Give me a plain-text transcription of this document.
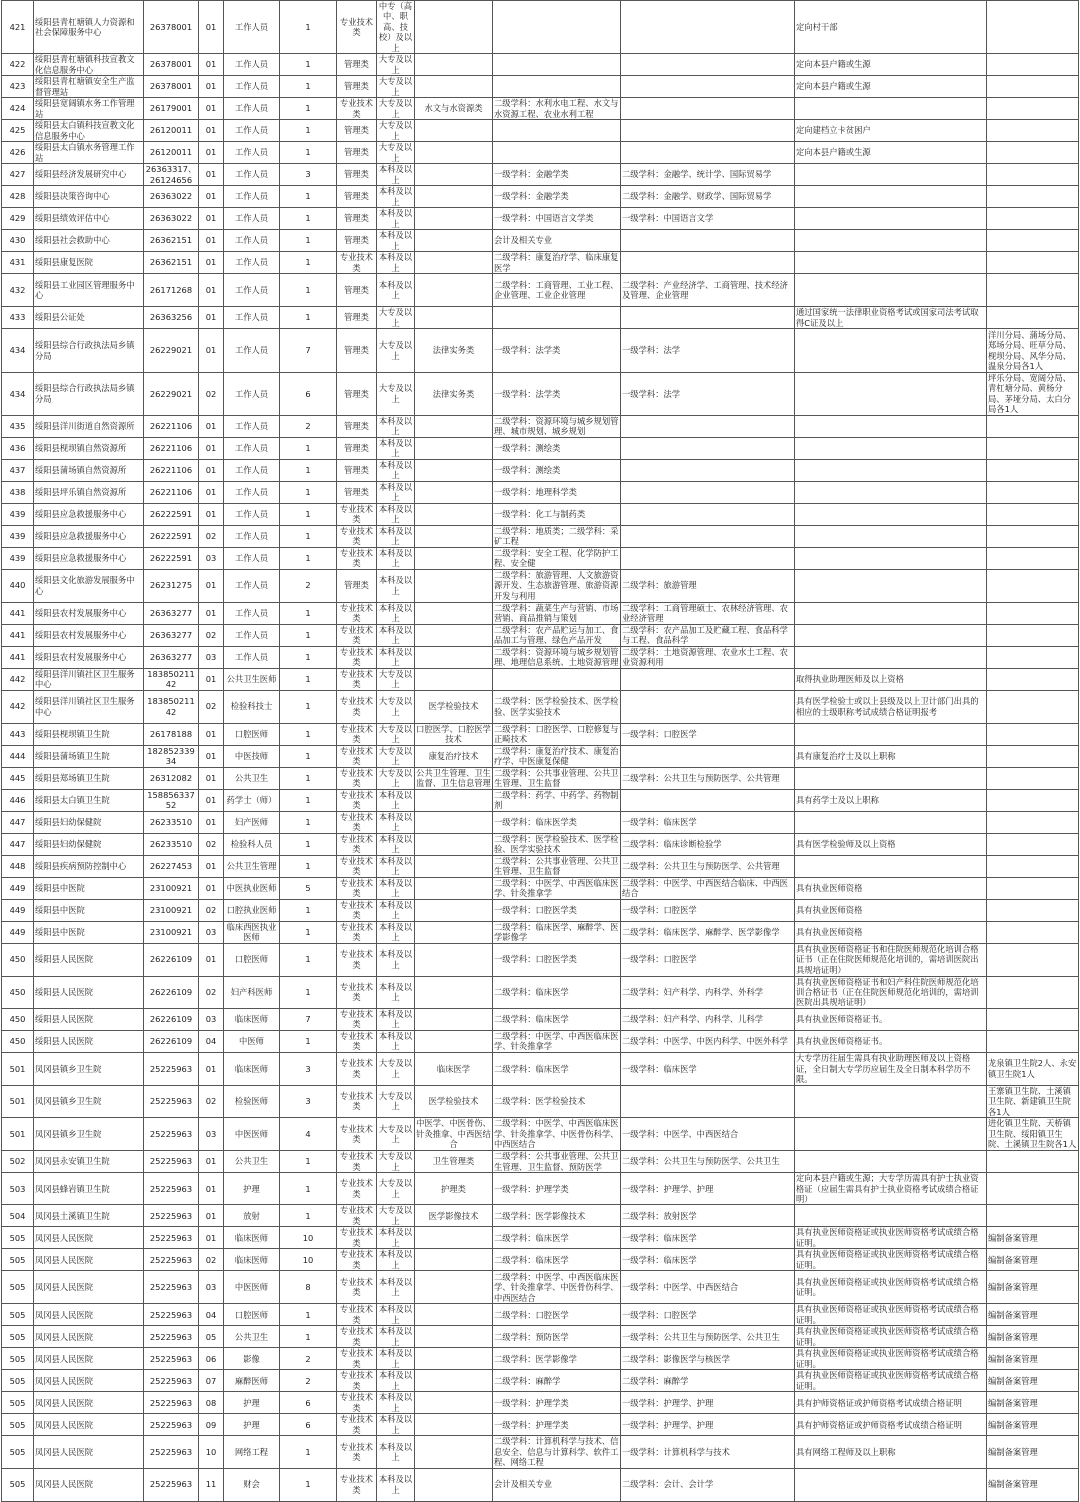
421	绥阳县青杠塘镇人力资源和社会保障服务中心	26378001	01	工作人员	1	专业技术类	中专（高中、职高、技校）及以上				定向村干部	
422	绥阳县青杠塘镇科技宣教文化信息服务中心	26378001	01	工作人员	1	管理类	大专及以上				定向本县户籍或生源	
423	绥阳县青杠塘镇安全生产监督管理站	26378001	01	工作人员	1	管理类	大专及以上				定向本县户籍或生源	
424	绥阳县宽阔镇水务工作管理站	26179001	01	工作人员	1	专业技术类	大专及以上	水文与水资源类	二级学科：水利水电工程、水文与水资源工程、农业水利工程			
425	绥阳县太白镇科技宣教文化信息服务中心	26120011	01	工作人员	1	管理类	大专及以上				定向建档立卡贫困户	
426	绥阳县太白镇水务管理工作站	26120011	01	工作人员	1	管理类	大专及以上				定向本县户籍或生源	
427	绥阳县经济发展研究中心	26363317、26124656	01	工作人员	3	管理类	本科及以上		一级学科：金融学类	二级学科：金融学、统计学、国际贸易学		
428	绥阳县决策咨询中心	26363022	01	工作人员	1	管理类	本科及以上		一级学科：金融学类	二级学科：金融学、财政学、国际贸易学		
429	绥阳县绩效评估中心	26363022	01	工作人员	1	管理类	本科及以上		一级学科：中国语言文学类	一级学科：中国语言文学		
430	绥阳县社会救助中心	26362151	01	工作人员	1	管理类	本科及以上		会计及相关专业			
431	绥阳县康复医院	26362151	01	工作人员	1	专业技术类	本科及以上		二级学科：康复治疗学、临床康复医学			
432	绥阳县工业园区管理服务中心	26171268	01	工作人员	1	管理类	本科及以上		二级学科：工商管理、工业工程、企业管理、工业企业管理	二级学科：产业经济学、工商管理、技术经济及管理、企业管理		
433	绥阳县公证处	26363256	01	工作人员	1	管理类	大专及以上				通过国家统一法律职业资格考试或国家司法考试取得C证及以上	
434	绥阳县综合行政执法局乡镇分局	26229021	01	工作人员	7	管理类	大专及以上	法律实务类	一级学科：法学类	一级学科：法学		洋川分局、蒲场分局、郑场分局、旺草分局、枧坝分局、风华分局、温泉分局各1人
434	绥阳县综合行政执法局乡镇分局	26229021	02	工作人员	6	管理类	大专及以上	法律实务类	一级学科：法学类	一级学科：法学		坪乐分局、宽阔分局、青杠塘分局、黄杨分局、茅垭分局、太白分局各1人
435	绥阳县洋川街道自然资源所	26221106	01	工作人员	2	管理类	本科及以上		二级学科：资源环境与城乡规划管理、城市规划、城乡规划			
436	绥阳县枧坝镇自然资源所	26221106	01	工作人员	1	管理类	本科及以上		一级学科：测绘类			
437	绥阳县蒲场镇自然资源所	26221106	01	工作人员	1	管理类	本科及以上		一级学科：测绘类			
438	绥阳县坪乐镇自然资源所	26221106	01	工作人员	1	管理类	本科及以上		一级学科：地理科学类			
439	绥阳县应急救援服务中心	26222591	01	工作人员	1	专业技术类	本科及以上		一级学科：化工与制药类			
439	绥阳县应急救援服务中心	26222591	02	工作人员	1	专业技术类	本科及以上		二级学科：地质类；二级学科：采矿工程			
439	绥阳县应急救援服务中心	26222591	03	工作人员	1	专业技术类	本科及以上		二级学科：安全工程、化学防护工程、安全健			
440	绥阳县文化旅游发展服务中心	26231275	01	工作人员	2	管理类	本科及以上		二级学科：旅游管理、人文旅游资源开发、生态旅游管理、旅游资源开发与利用	二级学科：旅游管理		
441	绥阳县农村发展服务中心	26363277	01	工作人员	1	专业技术类	本科及以上		二级学科：蔬菜生产与营销、市场营销、商品推销与策划	二级学科：工商管理硕士、农林经济管理、农业经济管理		
441	绥阳县农村发展服务中心	26363277	02	工作人员	1	专业技术类	本科及以上		二级学科：农产品贮运与加工、食品加工与管理、绿色产品开发	二级学科：农产品加工及贮藏工程、食品科学与工程、食品科学		
441	绥阳县农村发展服务中心	26363277	03	工作人员	1	专业技术类	本科及以上		二级学科：资源环境与城乡规划管理、地理信息系统、土地资源管理	二级学科：土地资源管理、农业水土工程、农业资源利用		
442	绥阳县洋川镇社区卫生服务中心	18385021142	01	公共卫生医师	1	专业技术类	大专及以上				取得执业助理医师及以上资格	
442	绥阳县洋川镇社区卫生服务中心	18385021142	02	检验科技士	1	专业技术类	大专及以上	医学检验技术	二级学科：医学检验技术、医学检验、医学实验技术		具有医学检验士或以上县级及以上卫计部门出具的相应的士级职称考试成绩合格证明报考	
443	绥阳县枧坝镇卫生院	26178188	01	口腔医师	1	专业技术类	大专及以上	口腔医学、口腔医学技术	二级学科：口腔医学、口腔修复与正畸技术	一级学科：口腔医学		
444	绥阳县蒲场镇卫生院	18285233934	01	中医技师	1	专业技术类	大专及以上	康复治疗技术	二级学科：康复治疗技术、康复治疗学、中医康复保健		具有康复治疗士及以上职称	
445	绥阳县郑场镇卫生院	26312082	01	公共卫生	1	专业技术类	大专及以上	公共卫生管理、卫生监督、卫生信息管理	二级学科：公共事业管理、公共卫生管理、卫生监督	二级学科：公共卫生与预防医学、公共管理		
446	绥阳县太白镇卫生院	15885633752	01	药学士（师）	1	专业技术类	本科及以上		二级学科：药学、中药学、药物制剂		具有药学士及以上职称	
447	绥阳县妇幼保健院	26233510	01	妇产医师	1	专业技术类	本科及以上		一级学科：临床医学类	一级学科：临床医学		
447	绥阳县妇幼保健院	26233510	02	检验科人员	1	专业技术类	本科及以上		二级学科：医学检验技术、医学检验、医学实验技术	二级学科：临床诊断检验学	具有医学检验师及以上资格	
448	绥阳县疾病预防控制中心	26227453	01	公共卫生管理	1	专业技术类	本科及以上		二级学科：公共事业管理、公共卫生管理、卫生监督	二级学科：公共卫生与预防医学、公共管理		
449	绥阳县中医院	23100921	01	中医执业医师	5	专业技术类	本科及以上		二级学科：中医学、中西医临床医学、针灸推拿学	二级学科：中医学、中西医结合临床、中西医结合	具有执业医师资格	
449	绥阳县中医院	23100921	02	口腔执业医师	1	专业技术类	本科及以上		一级学科：口腔医学类	一级学科：口腔医学	具有执业医师资格	
449	绥阳县中医院	23100921	03	临床西医执业医师	1	专业技术类	本科及以上		二级学科：临床医学、麻醉学、医学影像学	二级学科：临床医学、麻醉学、医学影像学	具有执业医师资格	
450	绥阳县人民医院	26226109	01	口腔医师	1	专业技术类	本科及以上		一级学科：口腔医学类	一级学科：口腔医学	具有执业医师资格证书和住院医师规范化培训合格证书（正在住院医师规范化培训的，需培训医院出具规培证明）	
450	绥阳县人民医院	26226109	02	妇产科医师	1	专业技术类	本科及以上		二级学科：临床医学	二级学科：妇产科学、内科学、外科学	具有执业医师资格证书和妇产科住院医师规范化培训合格证书（正在住院医师规范化培训的，需培训医院出具规培证明）	
450	绥阳县人民医院	26226109	03	临床医师	7	专业技术类	本科及以上		二级学科：临床医学	二级学科：妇产科学、内科学、儿科学	具有执业医师资格证书。	
450	绥阳县人民医院	26226109	04	中医师	1	专业技术类	本科及以上		二级学科：中医学、中西医临床医学、针灸推拿学	二级学科：中医学、中医内科学、中医外科学	具有执业医师资格证书。	
501	凤冈县镇乡卫生院	25225963	01	临床医师	3	专业技术类	大专及以上	临床医学	二级学科：临床医学	一级学科：临床医学	大专学历往届生需具有执业助理医师及以上资格证，全日制大专学历应届生及全日制本科学历不限。	龙泉镇卫生院2人、永安镇卫生院1人
501	凤冈县镇乡卫生院	25225963	02	检验医师	3	专业技术类	大专及以上	医学检验技术	二级学科：医学检验技术			王寨镇卫生院、土溪镇卫生院、新建镇卫生院各1人
501	凤冈县镇乡卫生院	25225963	03	中医医师	4	专业技术类	大专及以上	中医学、中医骨伤、针灸推拿、中西医结合	二级学科：中医学、中西医临床医学、针灸推拿学、中医骨伤科学、中西医结合	一级学科：中医学、中西医结合		进化镇卫生院、天桥镇卫生院、绥阳镇卫生院、土溪镇卫生院各1人
502	凤冈县永安镇卫生院	25225963	01	公共卫生	1	专业技术类	大专及以上	卫生管理类	二级学科：公共事业管理、公共卫生管理、卫生监督、预防医学	二级学科：公共卫生与预防医学、公共卫生		
503	凤冈县蜂岩镇卫生院	25225963	01	护理	1	专业技术类	大专及以上	护理类	一级学科：护理学类	一级学科：护理学、护理	定向本县户籍或生源；大专学历需具有护士执业资格证（应届生需具有护士执业资格考试成绩合格证明）	
504	凤冈县土溪镇卫生院	25225963	01	放射	1	专业技术类	大专及以上	医学影像技术	二级学科：医学影像技术	二级学科：放射医学		
505	凤冈县人民医院	25225963	01	临床医师	10	专业技术类	本科及以上		二级学科：临床医学	一级学科：临床医学	具有执业医师资格证或执业医师资格考试成绩合格证明。	编制备案管理
505	凤冈县人民医院	25225963	02	临床医师	10	专业技术类	本科及以上		二级学科：临床医学	一级学科：临床医学	具有执业医师资格证或执业医师资格考试成绩合格证明。	编制备案管理
505	凤冈县人民医院	25225963	03	中医医师	8	专业技术类	本科及以上		二级学科：中医学、中西医临床医学、针灸推拿学、中医骨伤科学、中西医结合	一级学科：中医学、中西医结合	具有执业医师资格证或执业医师资格考试成绩合格证明。	编制备案管理
505	凤冈县人民医院	25225963	04	口腔医师	1	专业技术类	本科及以上		二级学科：口腔医学	一级学科：口腔医学	具有执业医师资格证或执业医师资格考试成绩合格证明。	编制备案管理
505	凤冈县人民医院	25225963	05	公共卫生	1	专业技术类	本科及以上		二级学科：预防医学	一级学科：公共卫生与预防医学、公共卫生	具有执业医师资格证或执业医师资格考试成绩合格证明。	编制备案管理
505	凤冈县人民医院	25225963	06	影像	2	专业技术类	本科及以上		二级学科：医学影像学	二级学科：影像医学与核医学	具有执业医师资格证或执业医师资格考试成绩合格证明。	编制备案管理
505	凤冈县人民医院	25225963	07	麻醉医师	2	专业技术类	本科及以上		二级学科：麻醉学	二级学科：麻醉学	具有执业医师资格证或执业医师资格考试成绩合格证明。	编制备案管理
505	凤冈县人民医院	25225963	08	护理	6	专业技术类	本科及以上		一级学科：护理学类	一级学科：护理学、护理	具有护师资格证或护师资格考试成绩合格证明	编制备案管理
505	凤冈县人民医院	25225963	09	护理	6	专业技术类	本科及以上		一级学科：护理学类	一级学科：护理学、护理	具有护师资格证或护师资格考试成绩合格证明	编制备案管理
505	凤冈县人民医院	25225963	10	网络工程	1	专业技术类	本科及以上		二级学科：计算机科学与技术、信息安全、信息与计算科学、软件工程、网络工程	一级学科：计算机科学与技术	具有网络工程师及以上职称	编制备案管理
505	凤冈县人民医院	25225963	11	财会	1	专业技术类	本科及以上		会计及相关专业	二级学科：会计、会计学		编制备案管理
